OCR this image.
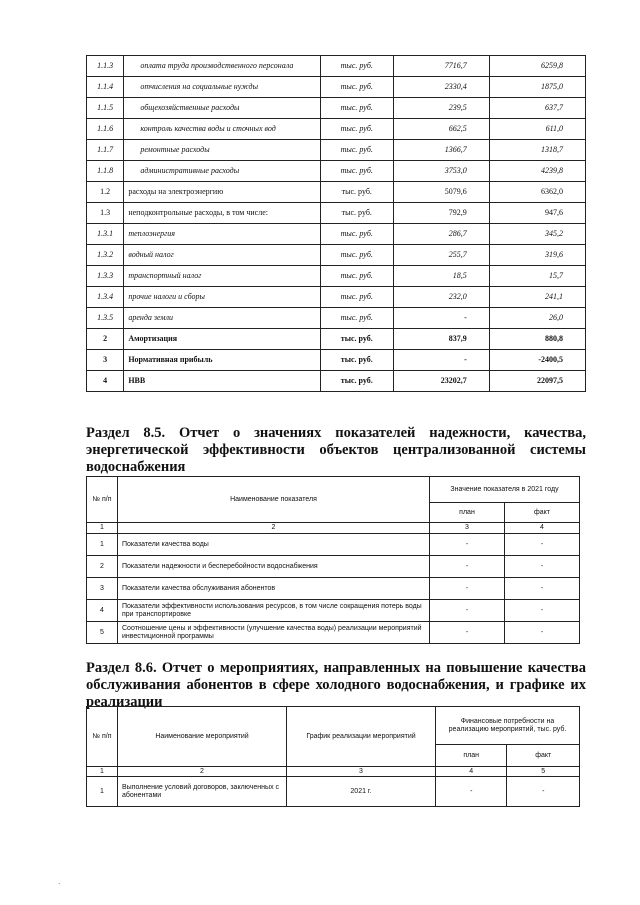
1.1.3	оплата труда производственного персонала	тыс. руб.	7716,7	6259,8
1.1.4	отчисления на социальные нужды	тыс. руб.	2330,4	1875,0
1.1.5	общехозяйственные расходы	тыс. руб.	239,5	637,7
1.1.6	контроль качества воды и сточных вод	тыс. руб.	662,5	611,0
1.1.7	ремонтные расходы	тыс. руб.	1366,7	1318,7
1.1.8	административные расходы	тыс. руб.	3753,0	4239,8
1.2	расходы на электроэнергию	тыс. руб.	5079,6	6362,0
1.3	неподконтрольные расходы, в том числе:	тыс. руб.	792,9	947,6
1.3.1	теплоэнергия	тыс. руб.	286,7	345,2
1.3.2	водный налог	тыс. руб.	255,7	319,6
1.3.3	транспортный налог	тыс. руб.	18,5	15,7
1.3.4	прочие налоги и сборы	тыс. руб.	232,0	241,1
1.3.5	аренда земли	тыс. руб.	-	26,0
2	Амортизация	тыс. руб.	837,9	880,8
3	Нормативная прибыль	тыс. руб.	-	-2400,5
4	НВВ	тыс. руб.	23202,7	22097,5

Раздел 8.5. Отчет о значениях показателей надежности, качества, энергетической эффективности объектов централизованной системы водоснабжения

№ п/п	Наименование показателя	Значение показателя в 2021 году	
		план	факт
1	2	3	4
1	Показатели качества воды	-	-
2	Показатели надежности и бесперебойности водоснабжения	-	-
3	Показатели качества обслуживания абонентов	-	-
4	Показатели эффективности использования ресурсов, в том числе сокращения потерь воды при транспортировке	-	-
5	Соотношение цены и эффективности (улучшение качества воды) реализации мероприятий инвестиционной программы	-	-

Раздел 8.6. Отчет о мероприятиях, направленных на повышение качества обслуживания абонентов в сфере холодного водоснабжения, и графике их реализации

№ п/п	Наименование мероприятий	График реализации мероприятий	Финансовые потребности на реализацию мероприятий, тыс. руб.	
			план	факт
1	2	3	4	5
1	Выполнение условий договоров, заключенных с абонентами	2021 г.	-	-
·
